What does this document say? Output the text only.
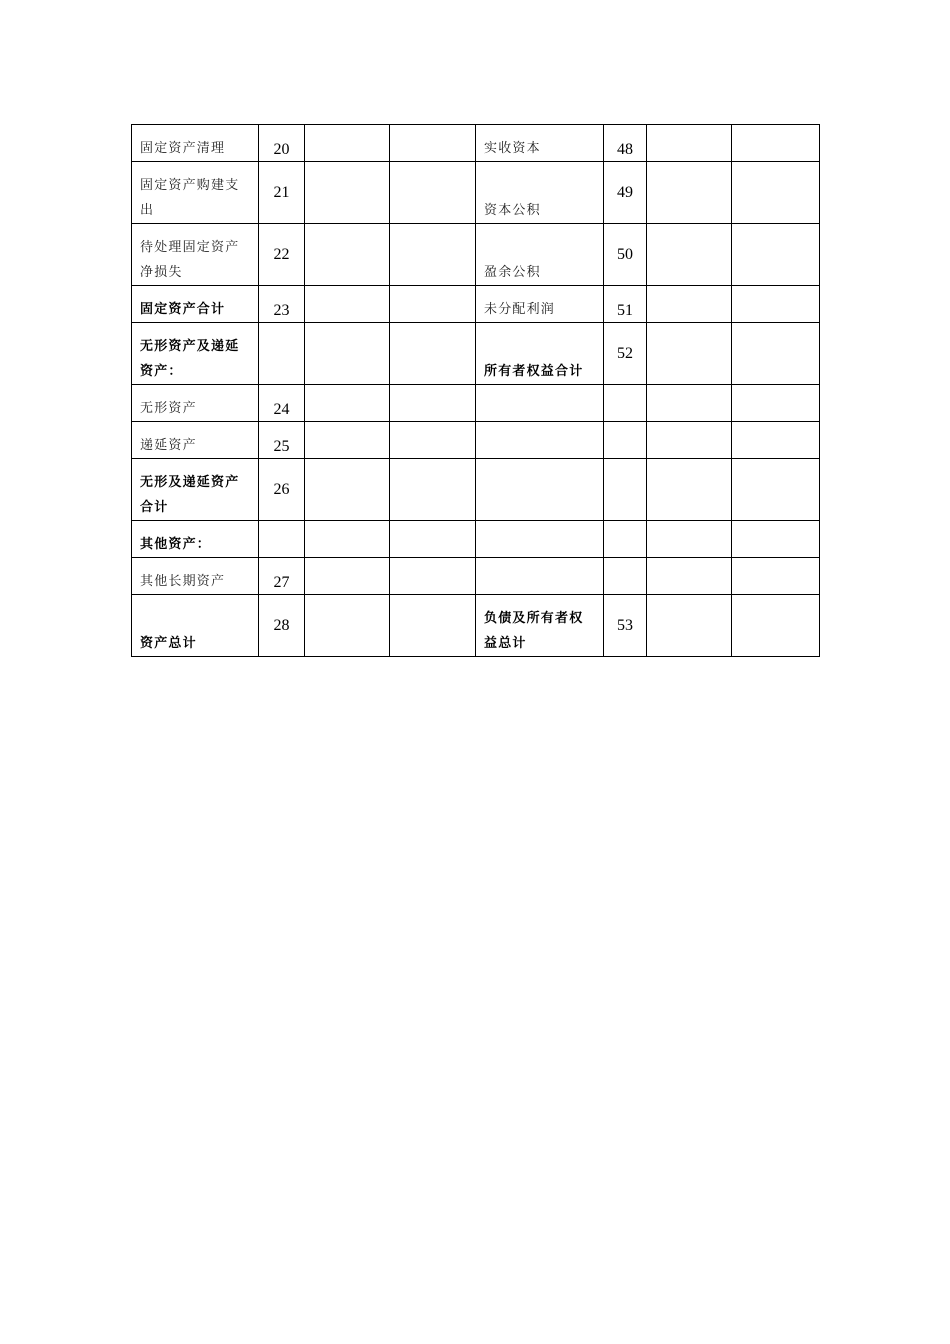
固定资产清理	20			实收资本	48		
固定资产购建支出	21			资本公积	49		
待处理固定资产净损失	22			盈余公积	50		
固定资产合计	23			未分配利润	51		
无形资产及递延资产：				所有者权益合计	52		
无形资产	24						
递延资产	25						
无形及递延资产合计	26						
其他资产：							
其他长期资产	27						
资产总计	28			负债及所有者权益总计	53		
